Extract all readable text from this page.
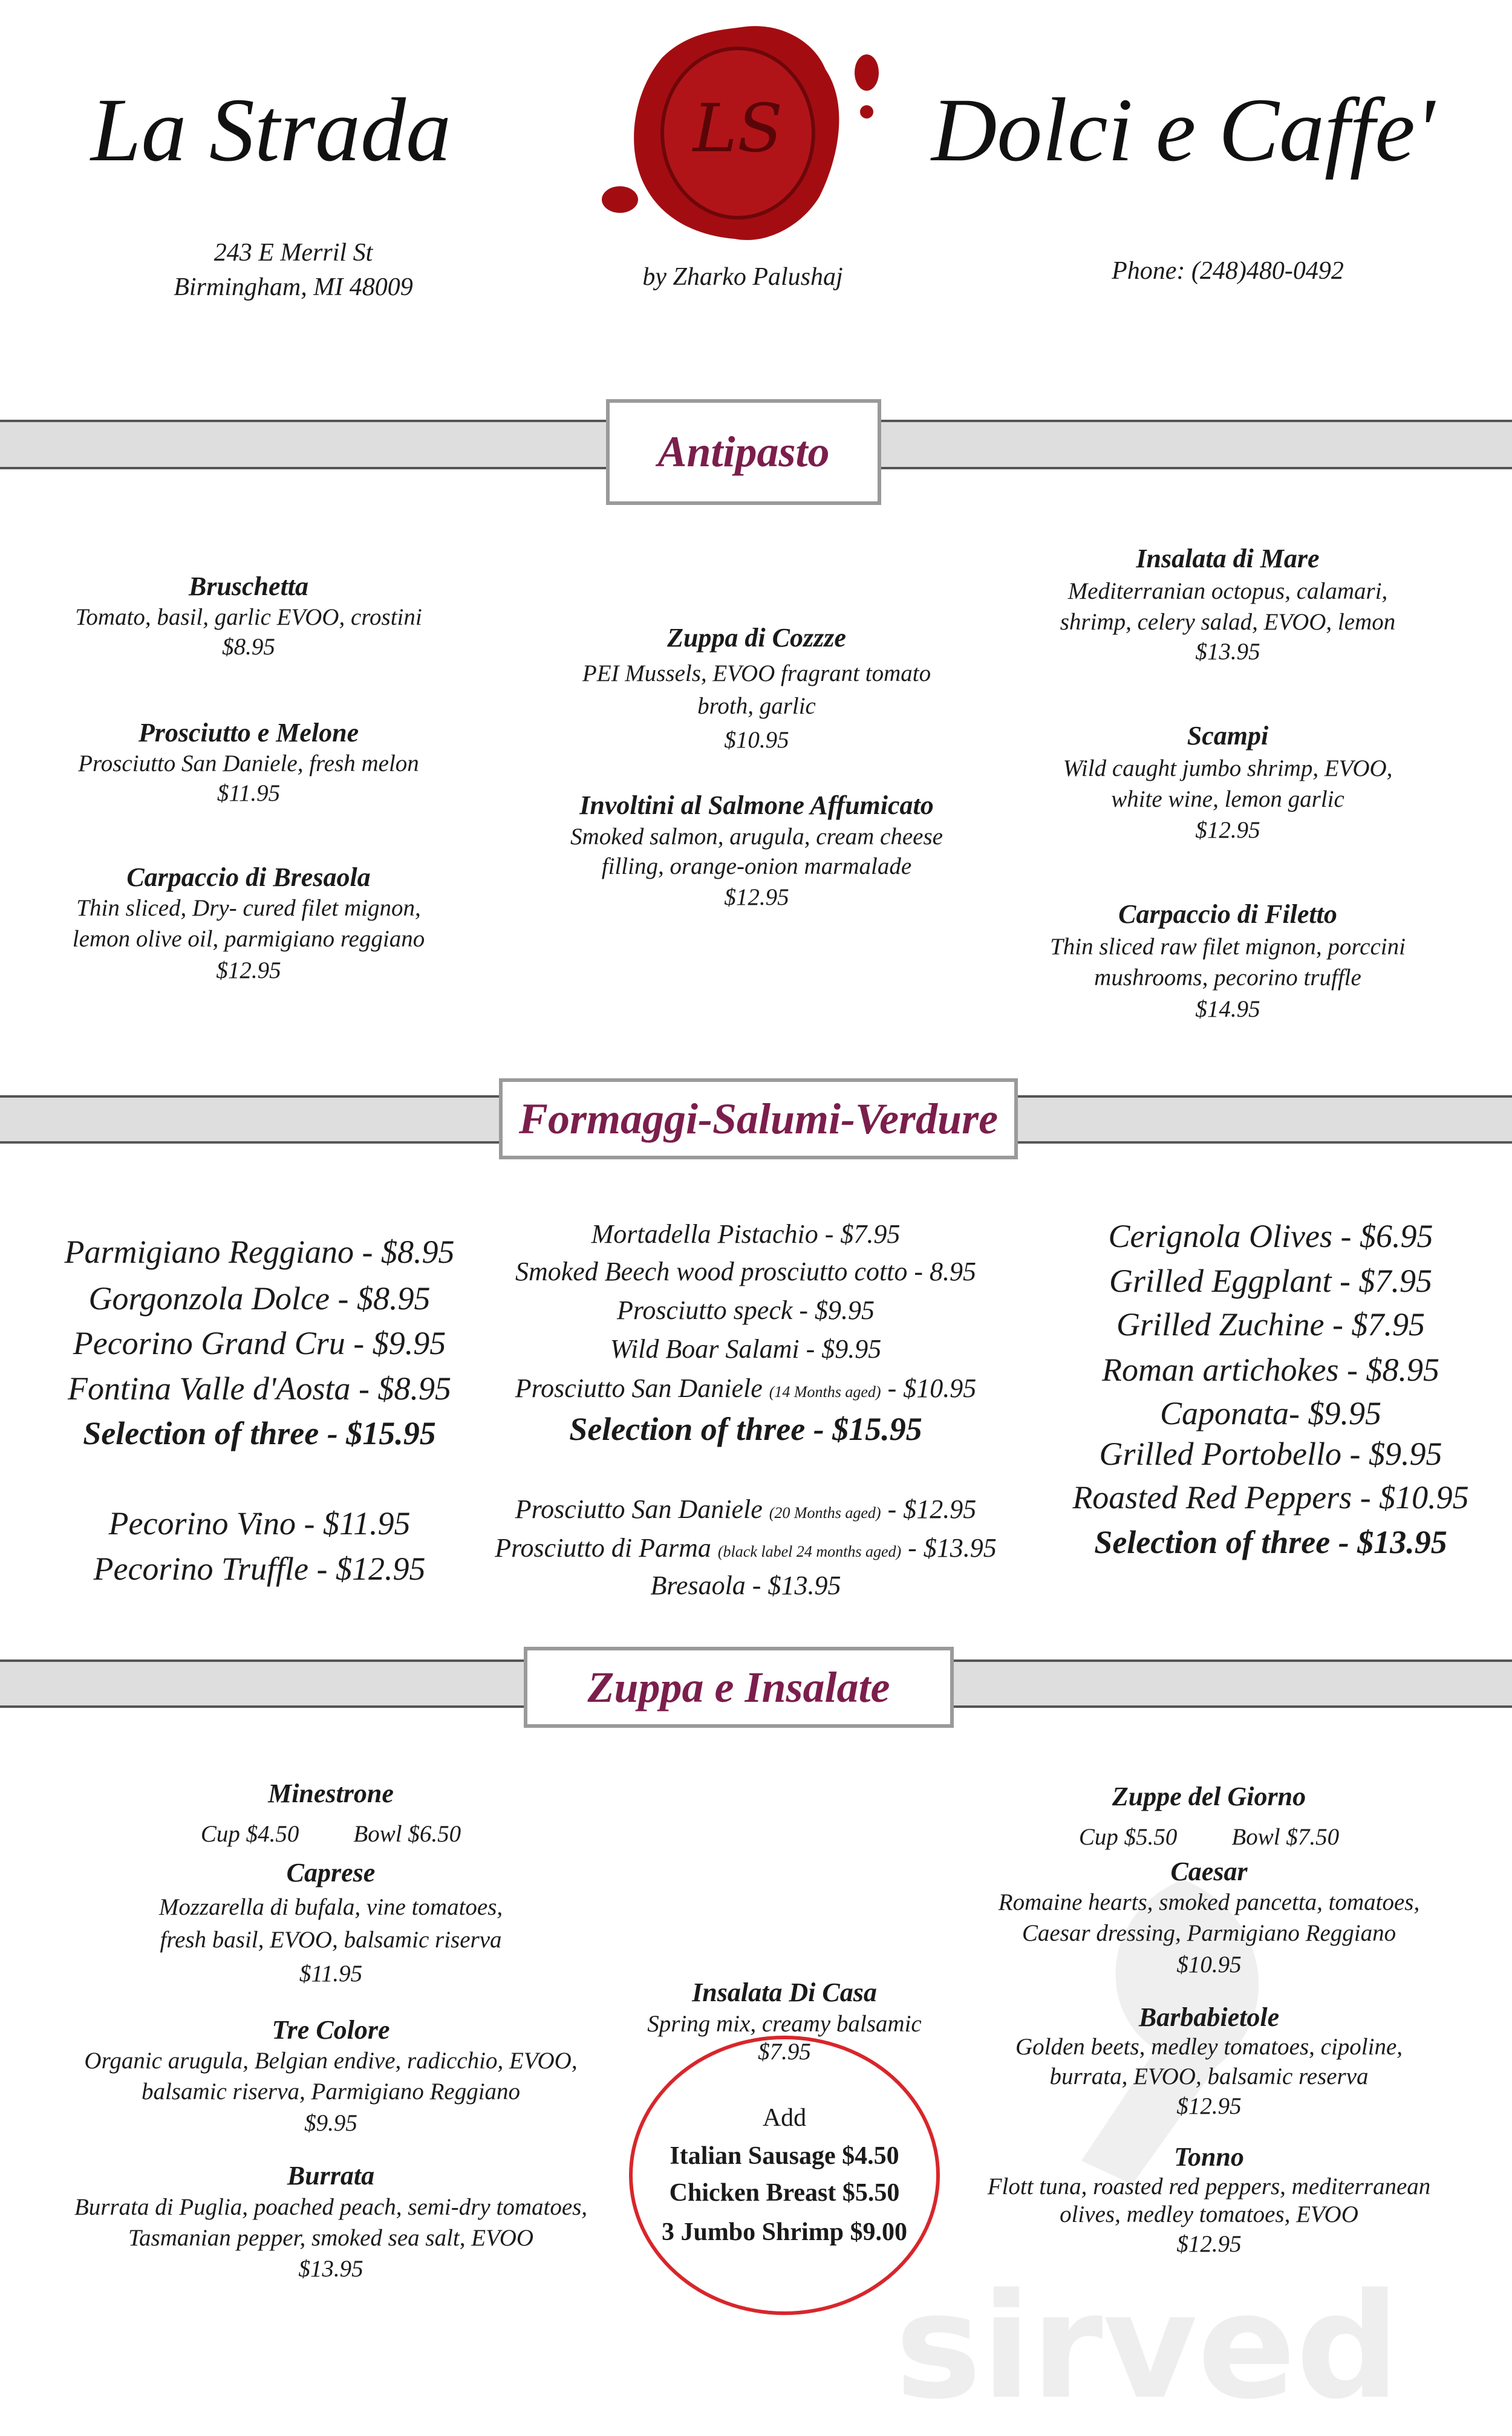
La Strada	LS Dolci e Caffe'
243 E Merril St
Birmingham, MI 48009	by Zharko Palushaj	Phone: (248)480-0492
Antipasto
Bruschetta
Tomato, basil, garlic EVOO, crostini
$8.95
Prosciutto e Melone
Prosciutto San Daniele, fresh melon
$11.95
Carpaccio di Bresaola
Thin sliced, Dry- cured filet mignon,
lemon olive oil, parmigiano reggiano
$12.95
Zuppa di Cozzze
PEI Mussels, EVOO fragrant tomato
broth, garlic
$10.95
Involtini al Salmone Affumicato
Smoked salmon, arugula, cream cheese
filling, orange-onion marmalade
$12.95
Insalata di Mare
Mediterranian octopus, calamari,
shrimp, celery salad, EVOO, lemon
$13.95
Scampi
Wild caught jumbo shrimp, EVOO,
white wine, lemon garlic
$12.95
Carpaccio di Filetto
Thin sliced raw filet mignon, porccini
mushrooms, pecorino truffle
$14.95
Formaggi-Salumi-Verdure
Parmigiano Reggiano - $8.95
Gorgonzola Dolce - $8.95
Pecorino Grand Cru - $9.95
Fontina Valle d'Aosta - $8.95
Selection of three - $15.95
Pecorino Vino - $11.95
Pecorino Truffle - $12.95
Mortadella Pistachio - $7.95
Smoked Beech wood prosciutto cotto - 8.95
Prosciutto speck - $9.95
Wild Boar Salami - $9.95
Prosciutto San Daniele (14 Months aged) - $10.95
Selection of three - $15.95
Prosciutto San Daniele (20 Months aged) - $12.95
Prosciutto di Parma (black label 24 months aged) - $13.95
Bresaola - $13.95
Cerignola Olives - $6.95
Grilled Eggplant - $7.95
Grilled Zuchine - $7.95
Roman artichokes - $8.95
Caponata- $9.95
Grilled Portobello - $9.95
Roasted Red Peppers - $10.95
Selection of three - $13.95
Zuppa e Insalate
sirved
Minestrone
Cup $4.50 Bowl $6.50
Caprese
Mozzarella di bufala, vine tomatoes,
fresh basil, EVOO, balsamic riserva
$11.95
Tre Colore
Organic arugula, Belgian endive, radicchio, EVOO,
balsamic riserva, Parmigiano Reggiano
$9.95
Burrata
Burrata di Puglia, poached peach, semi-dry tomatoes,
Tasmanian pepper, smoked sea salt, EVOO
$13.95
Insalata Di Casa
Spring mix, creamy balsamic
$7.95
Add
Italian Sausage $4.50
Chicken Breast $5.50
3 Jumbo Shrimp $9.00
Zuppe del Giorno
Cup $5.50 Bowl $7.50
Caesar
Romaine hearts, smoked pancetta, tomatoes,
Caesar dressing, Parmigiano Reggiano
$10.95
Barbabietole
Golden beets, medley tomatoes, cipoline,
burrata, EVOO, balsamic reserva
$12.95
Tonno
Flott tuna, roasted red peppers, mediterranean
olives, medley tomatoes, EVOO
$12.95
